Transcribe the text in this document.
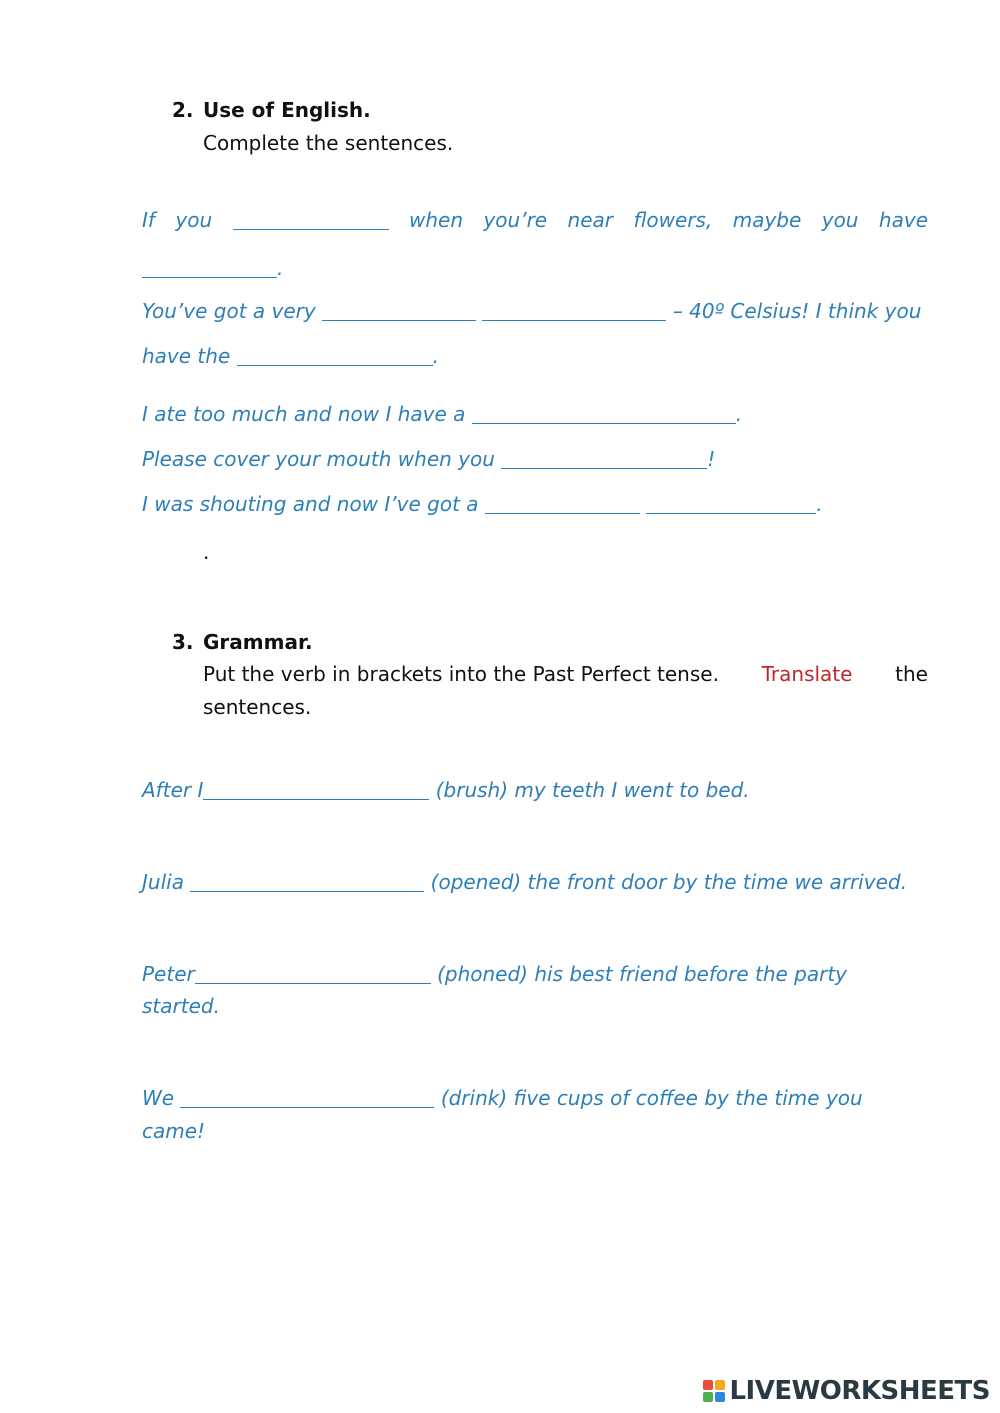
2. Use of English.
Complete the sentences.
If you	when you’re near flowers, maybe you have
.
You’ve got a very	– 40º Celsius! I think you
have the	.
I ate too much and now I have a	.
Please cover your mouth when you	!
I was shouting and now I’ve got a	.
.
3. Grammar.
Put the verb in brackets into the Past Perfect tense. Translate the
sentences.
After I	(brush) my teeth I went to bed.
Julia	(opened) the front door by the time we arrived.
Peter	(phoned) his best friend before the party
started.
We	(drink) five cups of coffee by the time you
came!
LIVEWORKSHEETS
